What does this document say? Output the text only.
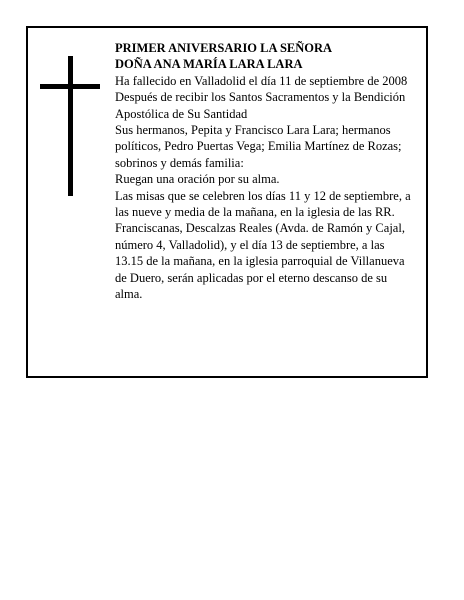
PRIMER ANIVERSARIO LA SEÑORA

DOÑA ANA MARÍA LARA LARA

Ha fallecido en Valladolid el día 11 de septiembre de 2008

Después de recibir los Santos Sacramentos y la Bendición Apostólica de Su Santidad

Sus hermanos, Pepita y Francisco Lara Lara; hermanos políticos, Pedro Puertas Vega; Emilia Martínez de Rozas; sobrinos y demás familia:

Ruegan una oración por su alma.

Las misas que se celebren los días 11 y 12 de septiembre, a las nueve y media de la mañana, en la iglesia de las RR. Franciscanas, Descalzas Reales (Avda. de Ramón y Cajal, número 4, Valladolid), y el día 13 de septiembre, a las 13.15 de la mañana, en la iglesia parroquial de Villanueva de Duero, serán aplicadas por el eterno descanso de su alma.
